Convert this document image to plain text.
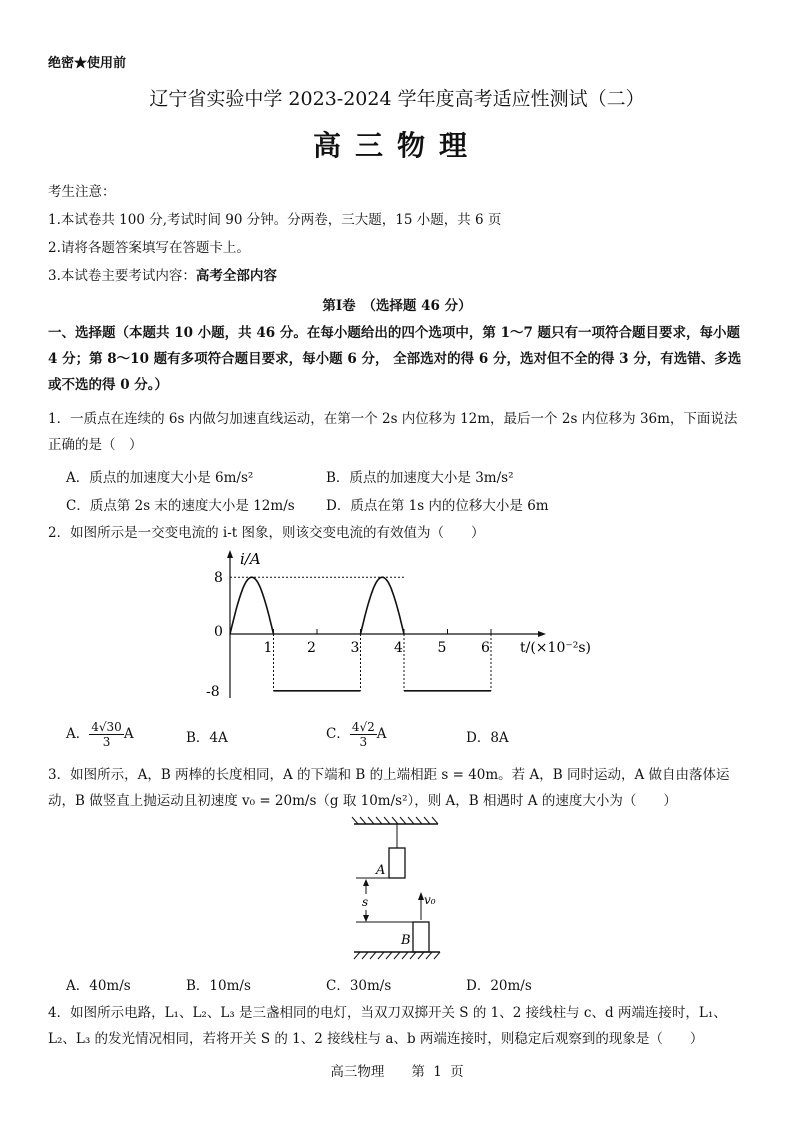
绝密★使用前
辽宁省实验中学 2023-2024 学年度高考适应性测试（二）
高三物理
考生注意：
1.本试卷共 100 分,考试时间 90 分钟。分两卷，三大题，15 小题，共 6 页
2.请将各题答案填写在答题卡上。
3.本试卷主要考试内容：高考全部内容
第Ⅰ卷　（选择题 46 分）
一、选择题（本题共 10 小题，共 46 分。在每小题给出的四个选项中，第 1～7 题只有一项符合题目要求，每小题 4 分；第 8～10 题有多项符合题目要求，每小题 6 分， 全部选对的得 6 分，选对但不全的得 3 分，有选错、多选或不选的得 0 分。）
1．一质点在连续的 6s 内做匀加速直线运动，在第一个 2s 内位移为 12m，最后一个 2s 内位移为 36m，下面说法正确的是（　）
A．质点的加速度大小是 6m/s²	B．质点的加速度大小是 3m/s²
C．质点第 2s 末的速度大小是 12m/s D．质点在第 1s 内的位移大小是 6m
2．如图所示是一交变电流的 i-t 图象，则该交变电流的有效值为（　　）
i/A
t/(×10⁻²s)
0
8
-8
1 2 3 4 5 6
A． $\frac{4√30}{3}$ A	B．4A	C． $\frac{4√2}{3}$ A	D．8A
3．如图所示，A，B 两棒的长度相同，A 的下端和 B 的上端相距 s = 40m。若 A，B 同时运动，A 做自由落体运动，B 做竖直上抛运动且初速度 v₀ = 20m/s（g 取 10m/s²），则 A，B 相遇时 A 的速度大小为（　　）
A
s
B
v₀
A．40m/s	B．10m/s	C．30m/s	D．20m/s
4．如图所示电路，L₁、L₂、L₃ 是三盏相同的电灯，当双刀双掷开关 S 的 1、2 接线柱与 c、d 两端连接时，L₁、L₂、L₃ 的发光情况相同，若将开关 S 的 1、2 接线柱与 a、b 两端连接时，则稳定后观察到的现象是（　　）
高三物理　　第 1 页
